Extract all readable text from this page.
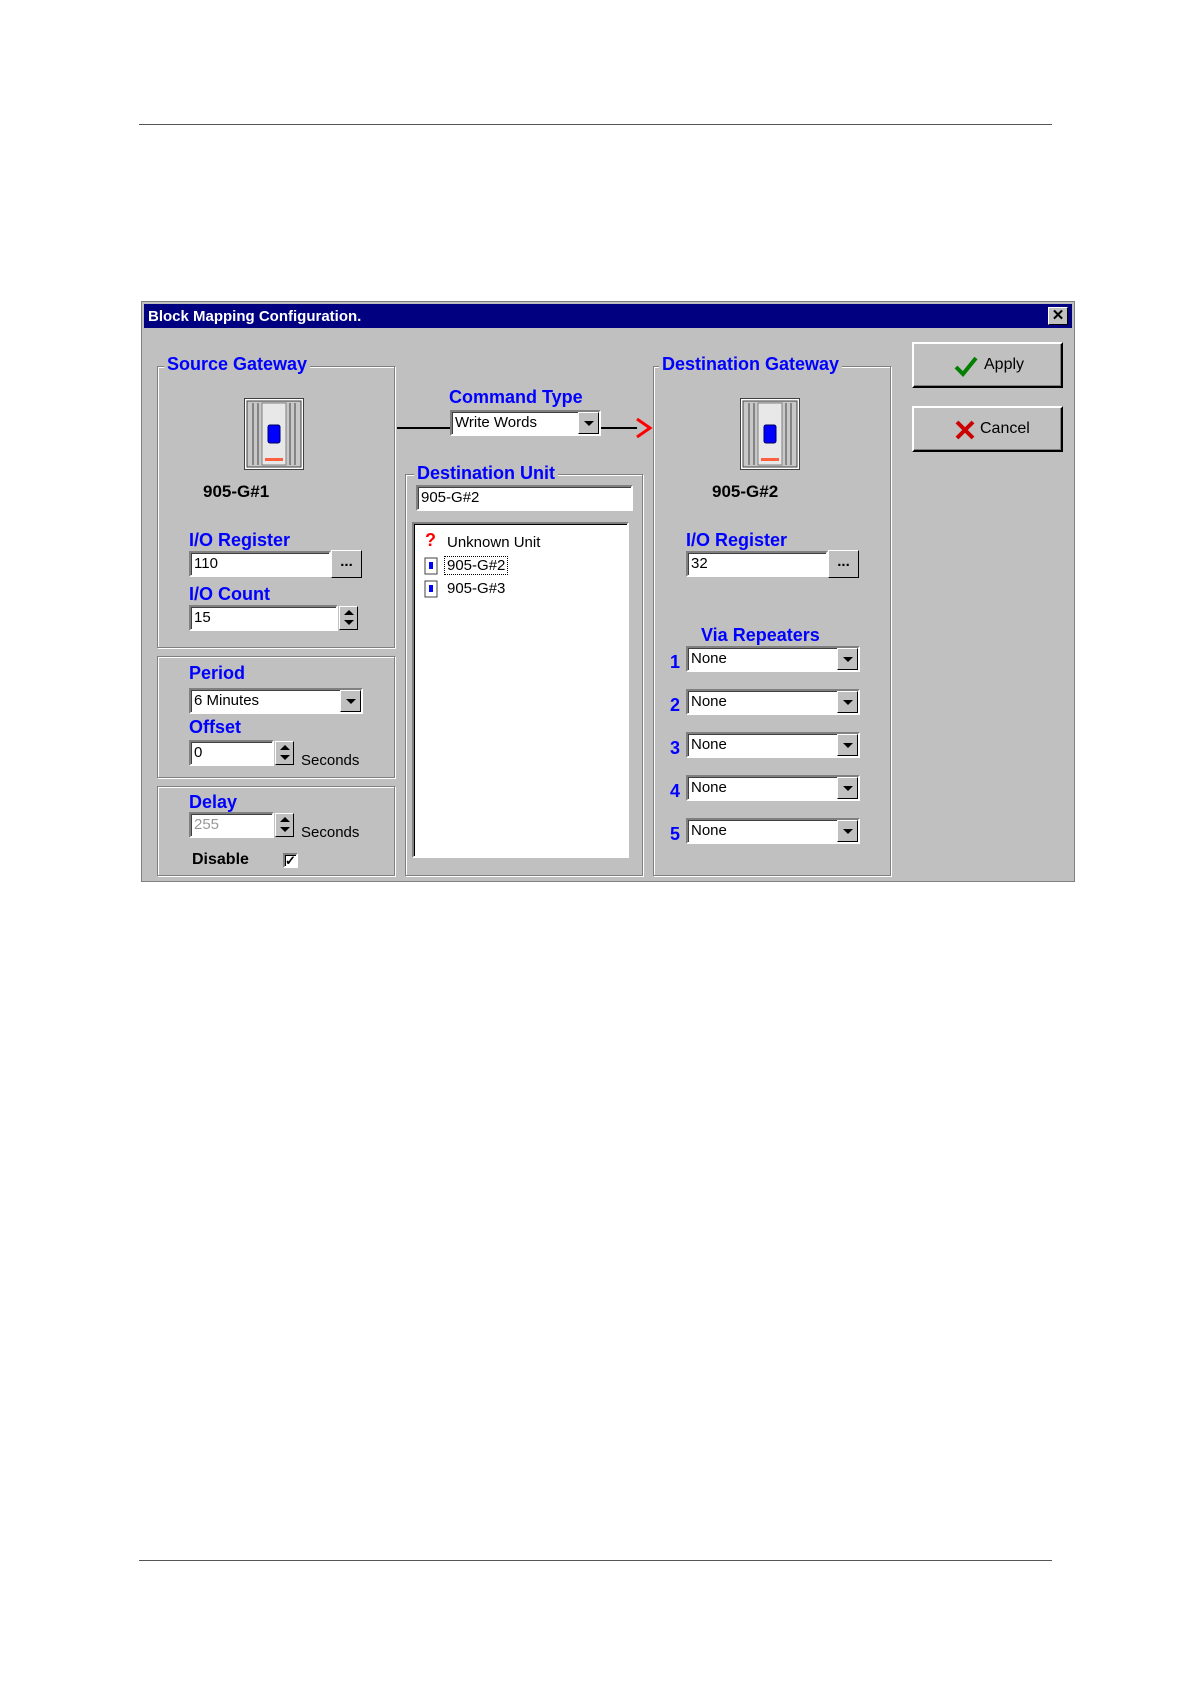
Block Mapping Configuration.	✕
Source Gateway
905-G#1
I/O Register
110	...
I/O Count
15
Period
6 Minutes
Offset
0	Seconds
Delay
255	Seconds
Disable	✓
Command Type
Write Words
Destination Unit
905-G#2
? Unknown Unit
905-G#2
905-G#3
Destination Gateway
905-G#2
I/O Register
32	...
Via Repeaters
1 None
2 None
3 None
4 None
5 None
Apply
Cancel
